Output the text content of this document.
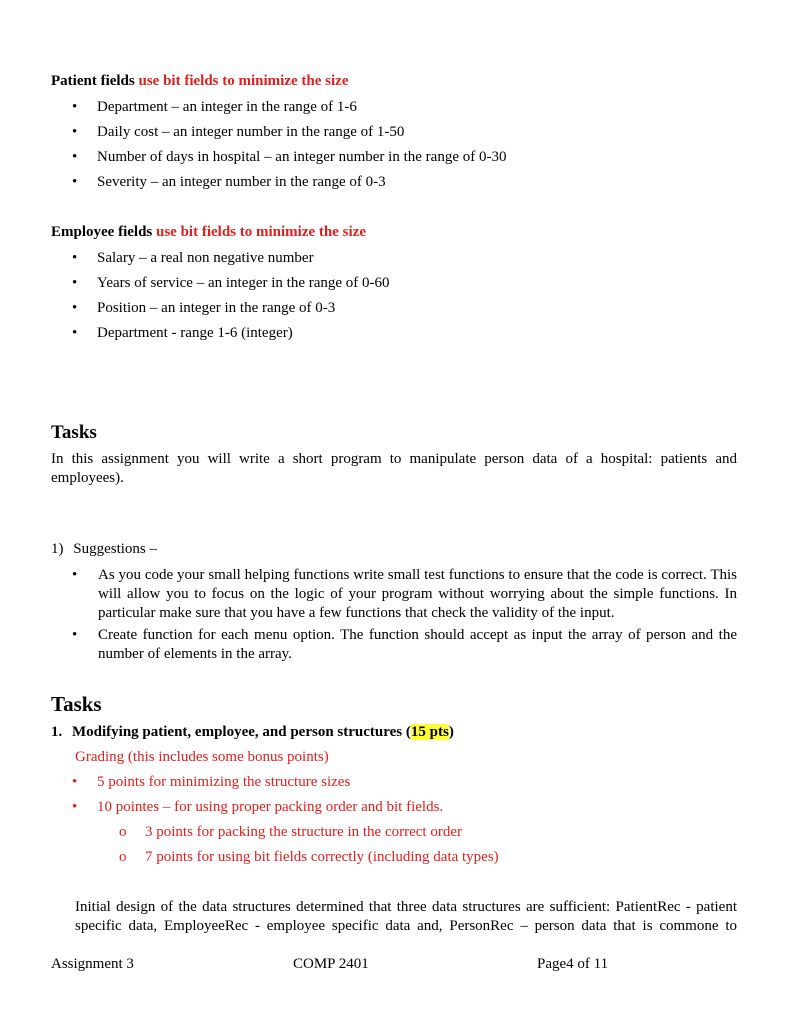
Patient fields use bit fields to minimize the size
• Department – an integer in the range of 1-6
• Daily cost – an integer number in the range of 1-50
• Number of days in hospital – an integer number in the range of 0-30
• Severity – an integer number in the range of 0-3
Employee fields use bit fields to minimize the size
• Salary – a real non negative number
• Years of service – an integer in the range of 0-60
• Position – an integer in the range of 0-3
• Department - range 1-6 (integer)
Tasks
In this assignment you will write a short program to manipulate person data of a hospital: patients and employees).
1) Suggestions –
• As you code your small helping functions write small test functions to ensure that the code is correct. This will allow you to focus on the logic of your program without worrying about the simple functions. In particular make sure that you have a few functions that check the validity of the input.
• Create function for each menu option. The function should accept as input the array of person and the number of elements in the array.
Tasks
1. Modifying patient, employee, and person structures (15 pts)
Grading (this includes some bonus points)
• 5 points for minimizing the structure sizes
• 10 pointes – for using proper packing order and bit fields.
o 3 points for packing the structure in the correct order
o 7 points for using bit fields correctly (including data types)
Initial design of the data structures determined that three data structures are sufficient: PatientRec - patient specific data, EmployeeRec - employee specific data and, PersonRec – person data that is commone to
Assignment 3	COMP 2401	Page4 of 11
